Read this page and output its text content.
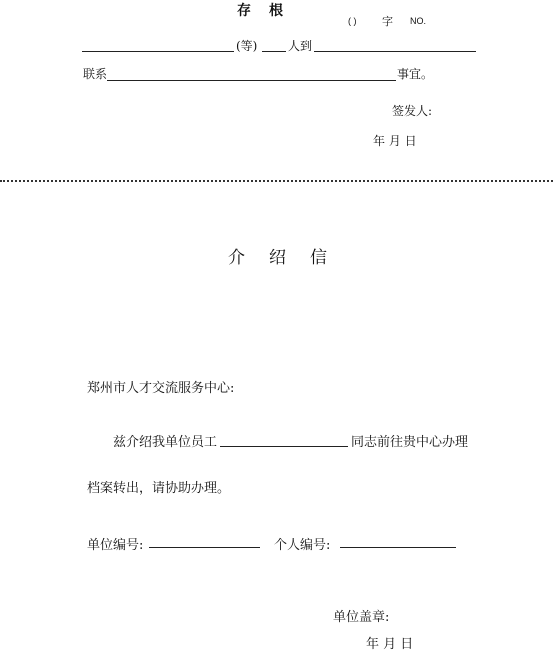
存根
( ) 字 NO.
(等)	人到
联系	事宜。
签发人:
年 月 日
介绍信
郑州市人才交流服务中心:
兹介绍我单位员工	同志前往贵中心办理
档案转出，请协助办理。
单位编号:	个人编号:
单位盖章:
年 月 日
